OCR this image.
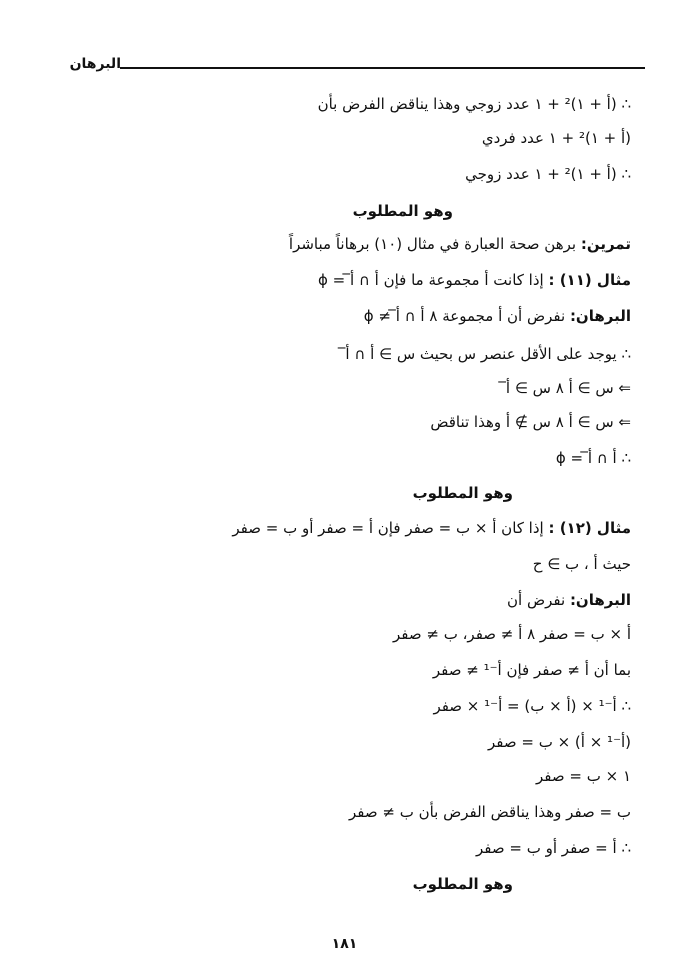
البرهان
∴ (أ + ١)² + ١ عدد زوجي وهذا يناقض الفرض بأن
(أ + ١)² + ١ عدد فردي
∴ (أ + ١)² + ١ عدد زوجي
وهو المطلوب
تمرين: برهن صحة العبارة في مثال (١٠) برهاناً مباشراً
مثال (١١) : إذا كانت أ مجموعة ما فإن أ ∩ أ̅ = ϕ
البرهان: نفرض أن أ مجموعة ٨ أ ∩ أ̅ ≠ ϕ
∴ يوجد على الأقل عنصر س بحيث س ∋ أ ∩ أ̅
⇐ س ∋ أ ٨ س ∋ أ̅
⇐ س ∋ أ ٨ س ∌ أ وهذا تناقض
∴ أ ∩ أ̅ = ϕ
وهو المطلوب
مثال (١٢) : إذا كان أ × ب = صفر فإن أ = صفر أو ب = صفر
حيث أ ، ب ∋ ح
البرهان: نفرض أن
أ × ب = صفر ٨ أ ≠ صفر، ب ≠ صفر
بما أن أ ≠ صفر فإن أ⁻¹ ≠ صفر
∴ أ⁻¹ × (أ × ب) = أ⁻¹ × صفر
(أ⁻¹ × أ) × ب = صفر
١ × ب = صفر
ب = صفر وهذا يناقض الفرض بأن ب ≠ صفر
∴ أ = صفر أو ب = صفر
وهو المطلوب
١٨١
